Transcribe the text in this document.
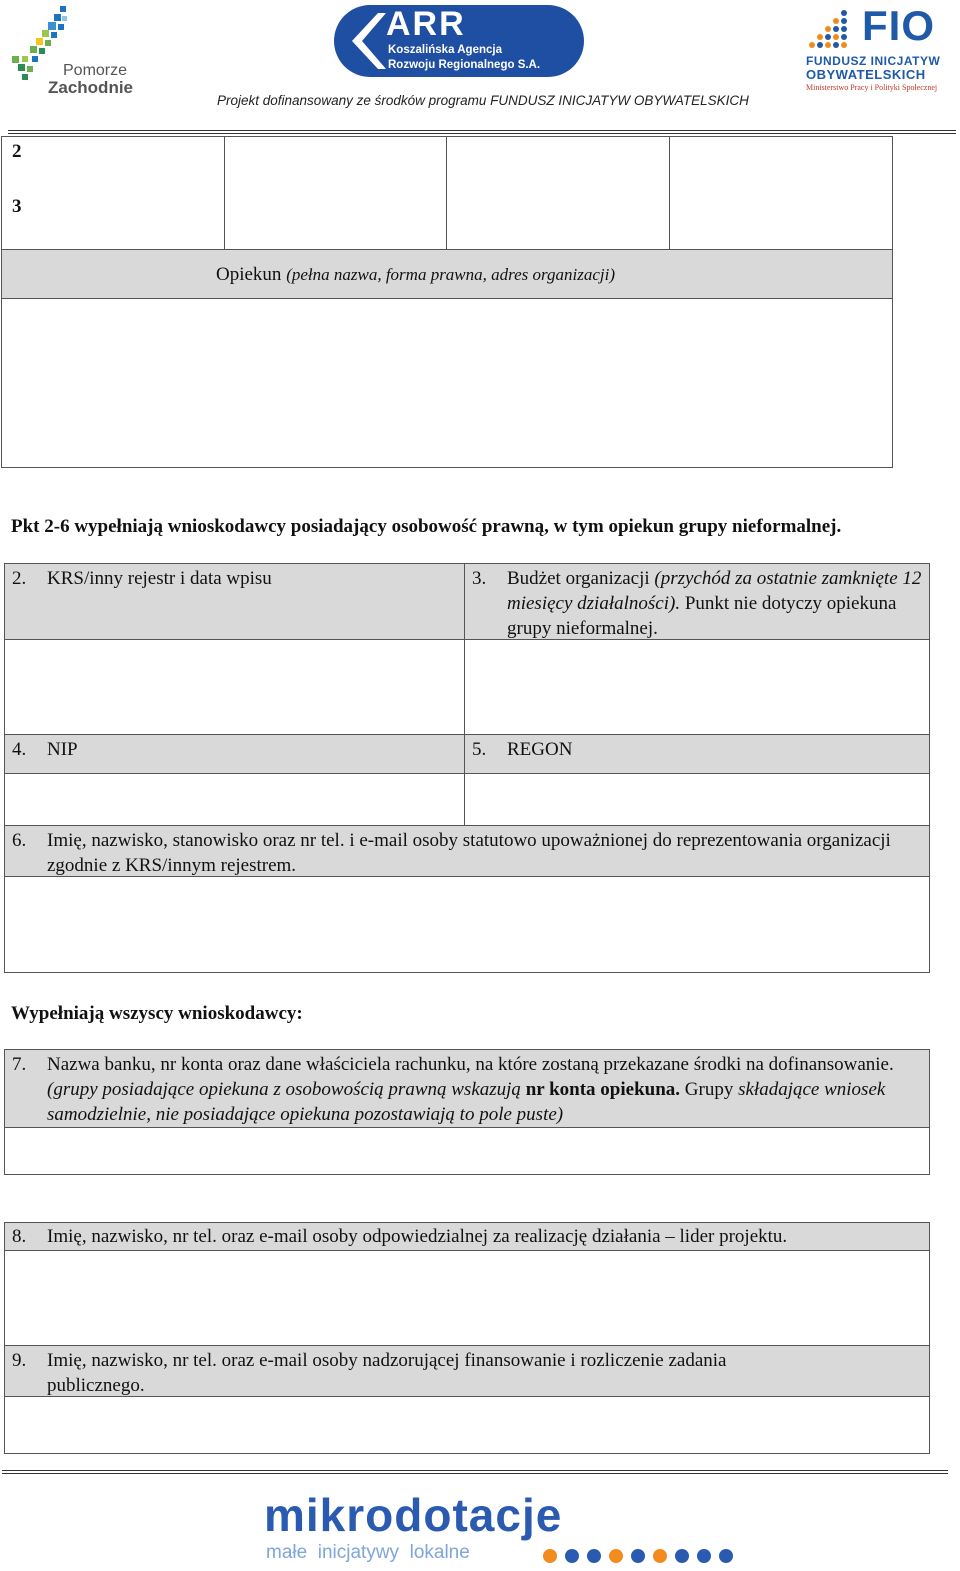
Pomorze
Zachodnie
ARR
Koszalińska Agencja
Rozwoju Regionalnego S.A.
FIO
FUNDUSZ INICJATYW
OBYWATELSKICH
Ministerstwo Pracy i Polityki Społecznej
Projekt dofinansowany ze środków programu FUNDUSZ INICJATYW OBYWATELSKICH
2
3
Opiekun (pełna nazwa, forma prawna, adres organizacji)
Pkt 2-6 wypełniają wnioskodawcy posiadający osobowość prawną, w tym opiekun grupy nieformalnej.
2. KRS/inny rejestr i data wpisu	3. Budżet organizacji (przychód za ostatnie zamknięte 12 miesięcy działalności). Punkt nie dotyczy opiekuna grupy nieformalnej.
4. NIP	5. REGON
6. Imię, nazwisko, stanowisko oraz nr tel. i e-mail osoby statutowo upoważnionej do reprezentowania organizacji zgodnie z KRS/innym rejestrem.
Wypełniają wszyscy wnioskodawcy:
7. Nazwa banku, nr konta oraz dane właściciela rachunku, na które zostaną przekazane środki na dofinansowanie. (grupy posiadające opiekuna z osobowością prawną wskazują nr konta opiekuna. Grupy składające wniosek samodzielnie, nie posiadające opiekuna pozostawiają to pole puste)
8. Imię, nazwisko, nr tel. oraz e-mail osoby odpowiedzialnej za realizację działania – lider projektu.
9. Imię, nazwisko, nr tel. oraz e-mail osoby nadzorującej finansowanie i rozliczenie zadania publicznego.
mikrodotacje
małe  inicjatywy  lokalne
